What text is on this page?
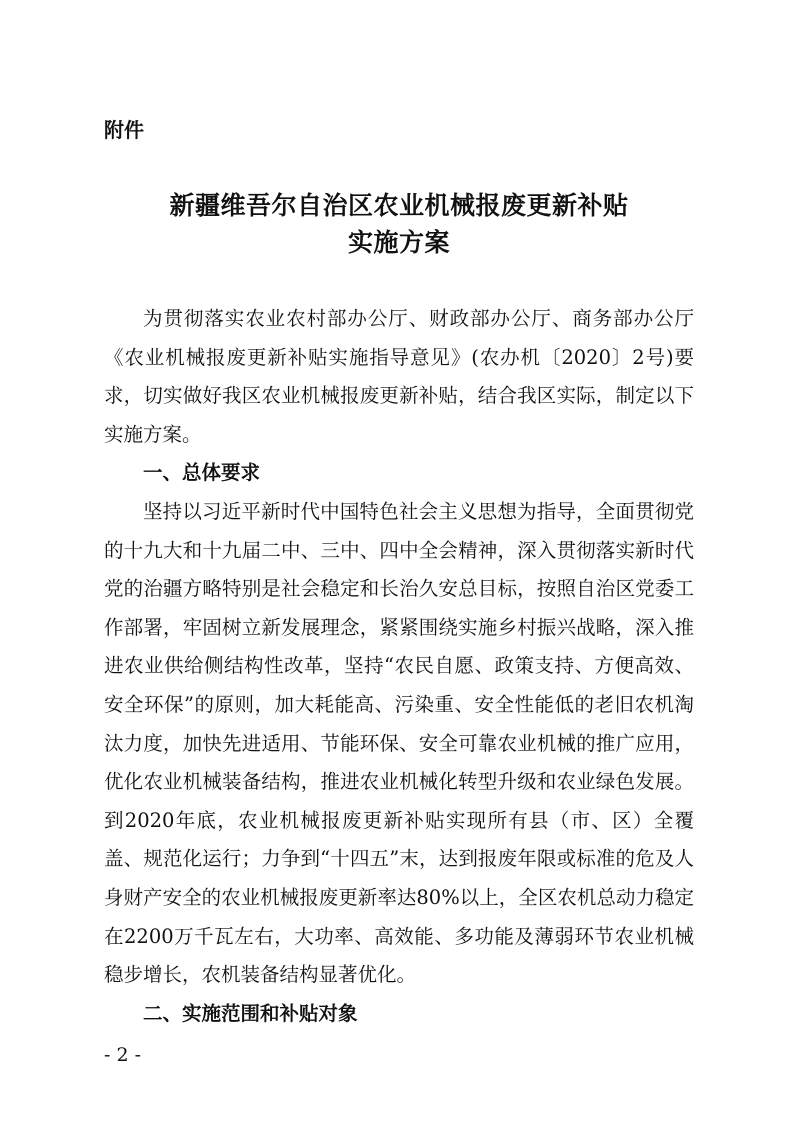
附件

新疆维吾尔自治区农业机械报废更新补贴
实施方案

为贯彻落实农业农村部办公厅、财政部办公厅、商务部办公厅《农业机械报废更新补贴实施指导意见》(农办机〔2020〕2号)要求，切实做好我区农业机械报废更新补贴，结合我区实际，制定以下实施方案。

一、总体要求

坚持以习近平新时代中国特色社会主义思想为指导，全面贯彻党的十九大和十九届二中、三中、四中全会精神，深入贯彻落实新时代党的治疆方略特别是社会稳定和长治久安总目标，按照自治区党委工作部署，牢固树立新发展理念，紧紧围绕实施乡村振兴战略，深入推进农业供给侧结构性改革，坚持“农民自愿、政策支持、方便高效、安全环保”的原则，加大耗能高、污染重、安全性能低的老旧农机淘汰力度，加快先进适用、节能环保、安全可靠农业机械的推广应用，优化农业机械装备结构，推进农业机械化转型升级和农业绿色发展。到2020年底，农业机械报废更新补贴实现所有县（市、区）全覆盖、规范化运行；力争到“十四五”末，达到报废年限或标准的危及人身财产安全的农业机械报废更新率达80%以上，全区农机总动力稳定在2200万千瓦左右，大功率、高效能、多功能及薄弱环节农业机械稳步增长，农机装备结构显著优化。

二、实施范围和补贴对象

- 2 -
